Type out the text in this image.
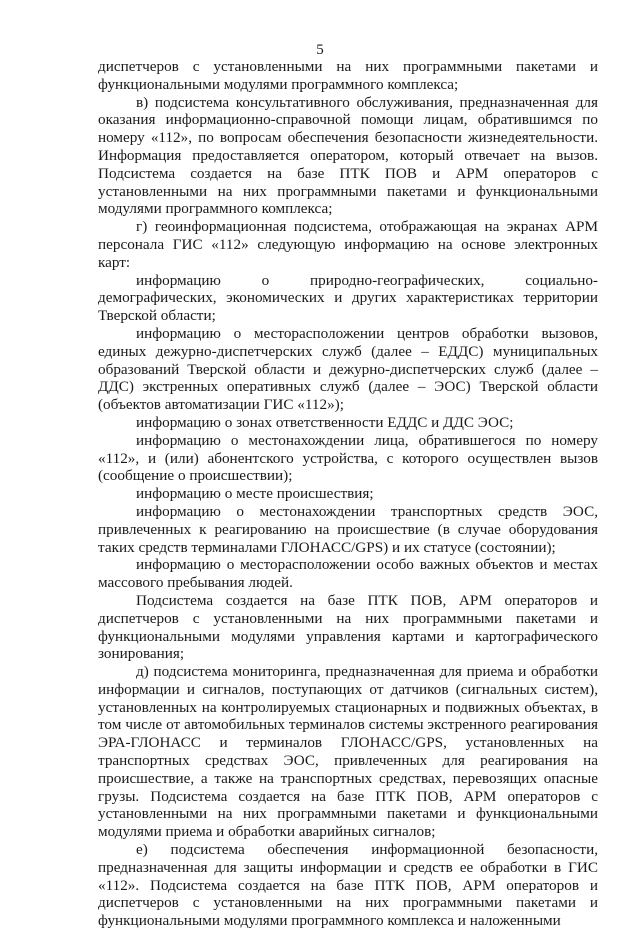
5

диспетчеров с установленными на них программными пакетами и функциональными модулями программного комплекса;

в) подсистема консультативного обслуживания, предназначенная для оказания информационно-справочной помощи лицам, обратившимся по номеру «112», по вопросам обеспечения безопасности жизнедеятельности. Информация предоставляется оператором, который отвечает на вызов. Подсистема создается на базе ПТК ПОВ и АРМ операторов с установленными на них программными пакетами и функциональными модулями программного комплекса;

г) геоинформационная подсистема, отображающая на экранах АРМ персонала ГИС «112» следующую информацию на основе электронных карт:

информацию о природно-географических, социально-демографических, экономических и других характеристиках территории Тверской области;

информацию о месторасположении центров обработки вызовов, единых дежурно-диспетчерских служб (далее – ЕДДС) муниципальных образований Тверской области и дежурно-диспетчерских служб (далее – ДДС) экстренных оперативных служб (далее – ЭОС) Тверской области (объектов автоматизации ГИС «112»);

информацию о зонах ответственности ЕДДС и ДДС ЭОС;

информацию о местонахождении лица, обратившегося по номеру «112», и (или) абонентского устройства, с которого осуществлен вызов (сообщение о происшествии);

информацию о месте происшествия;

информацию о местонахождении транспортных средств ЭОС, привлеченных к реагированию на происшествие (в случае оборудования таких средств терминалами ГЛОНАСС/GPS) и их статусе (состоянии);

информацию о месторасположении особо важных объектов и местах массового пребывания людей.

Подсистема создается на базе ПТК ПОВ, АРМ операторов и диспетчеров с установленными на них программными пакетами и функциональными модулями управления картами и картографического зонирования;

д) подсистема мониторинга, предназначенная для приема и обработки информации и сигналов, поступающих от датчиков (сигнальных систем), установленных на контролируемых стационарных и подвижных объектах, в том числе от автомобильных терминалов системы экстренного реагирования ЭРА-ГЛОНАСС и терминалов ГЛОНАСС/GPS, установленных на транспортных средствах ЭОС, привлеченных для реагирования на происшествие, а также на транспортных средствах, перевозящих опасные грузы. Подсистема создается на базе ПТК ПОВ, АРМ операторов с установленными на них программными пакетами и функциональными модулями приема и обработки аварийных сигналов;

е) подсистема обеспечения информационной безопасности, предназначенная для защиты информации и средств ее обработки в ГИС «112». Подсистема создается на базе ПТК ПОВ, АРМ операторов и диспетчеров с установленными на них программными пакетами и функциональными модулями программного комплекса и наложенными
